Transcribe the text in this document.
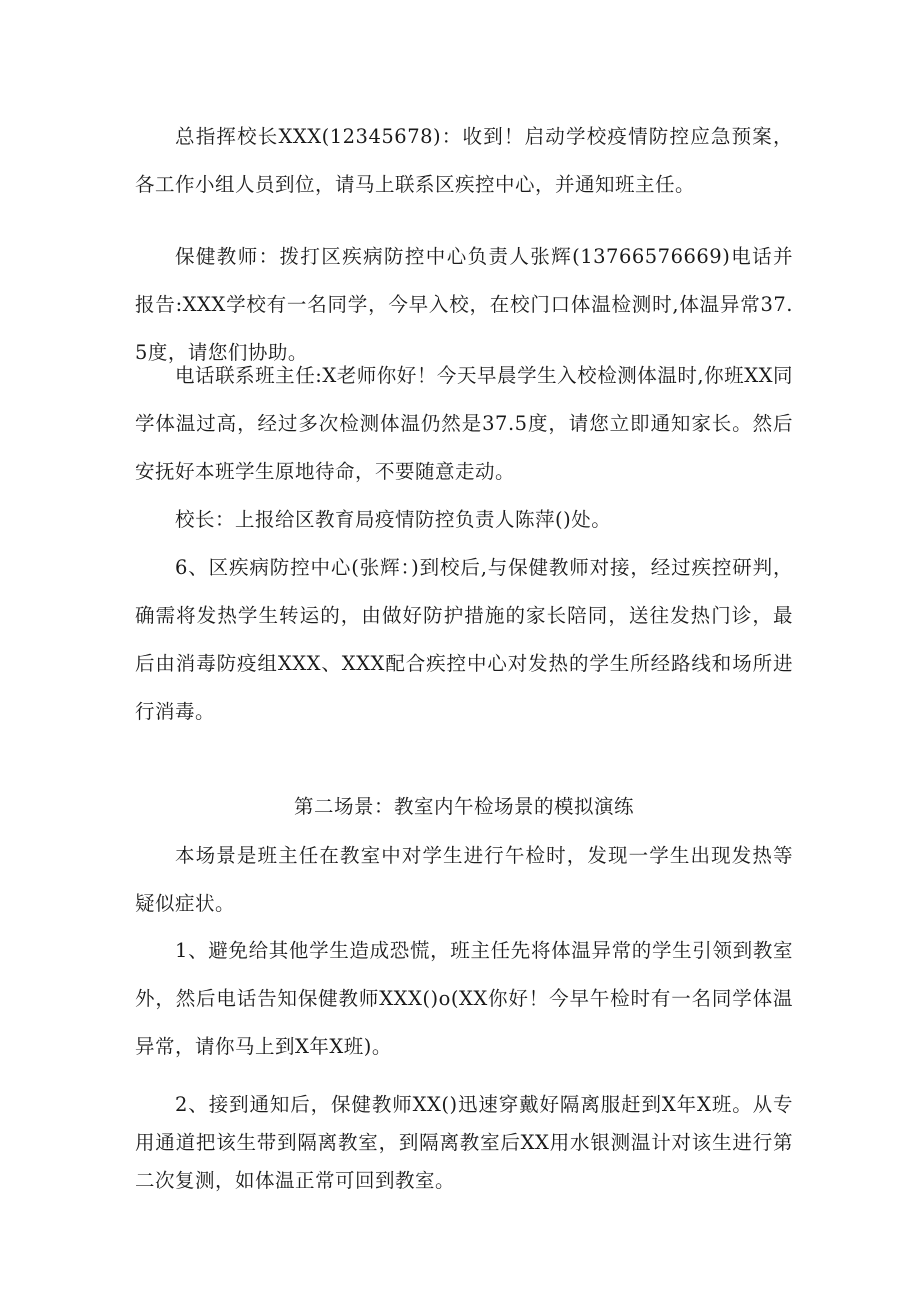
总指挥校长XXX(12345678)：收到！启动学校疫情防控应急预案，各工作小组人员到位，请马上联系区疾控中心，并通知班主任。

保健教师：拨打区疾病防控中心负责人张辉(13766576669)电话并报告:XXX学校有一名同学，今早入校，在校门口体温检测时,体温异常37.5度，请您们协助。

电话联系班主任:X老师你好！今天早晨学生入校检测体温时,你班XX同学体温过高，经过多次检测体温仍然是37.5度，请您立即通知家长。然后安抚好本班学生原地待命，不要随意走动。

校长：上报给区教育局疫情防控负责人陈萍()处。

6、区疾病防控中心(张辉：)到校后,与保健教师对接，经过疾控研判，确需将发热学生转运的，由做好防护措施的家长陪同，送往发热门诊，最后由消毒防疫组XXX、XXX配合疾控中心对发热的学生所经路线和场所进行消毒。

第二场景：教室内午检场景的模拟演练

本场景是班主任在教室中对学生进行午检时，发现一学生出现发热等疑似症状。

1、避免给其他学生造成恐慌，班主任先将体温异常的学生引领到教室外，然后电话告知保健教师XXX()o(XX你好！今早午检时有一名同学体温异常，请你马上到X年X班)。

2、接到通知后，保健教师XX()迅速穿戴好隔离服赶到X年X班。从专用通道把该生带到隔离教室，到隔离教室后XX用水银测温计对该生进行第二次复测，如体温正常可回到教室。
